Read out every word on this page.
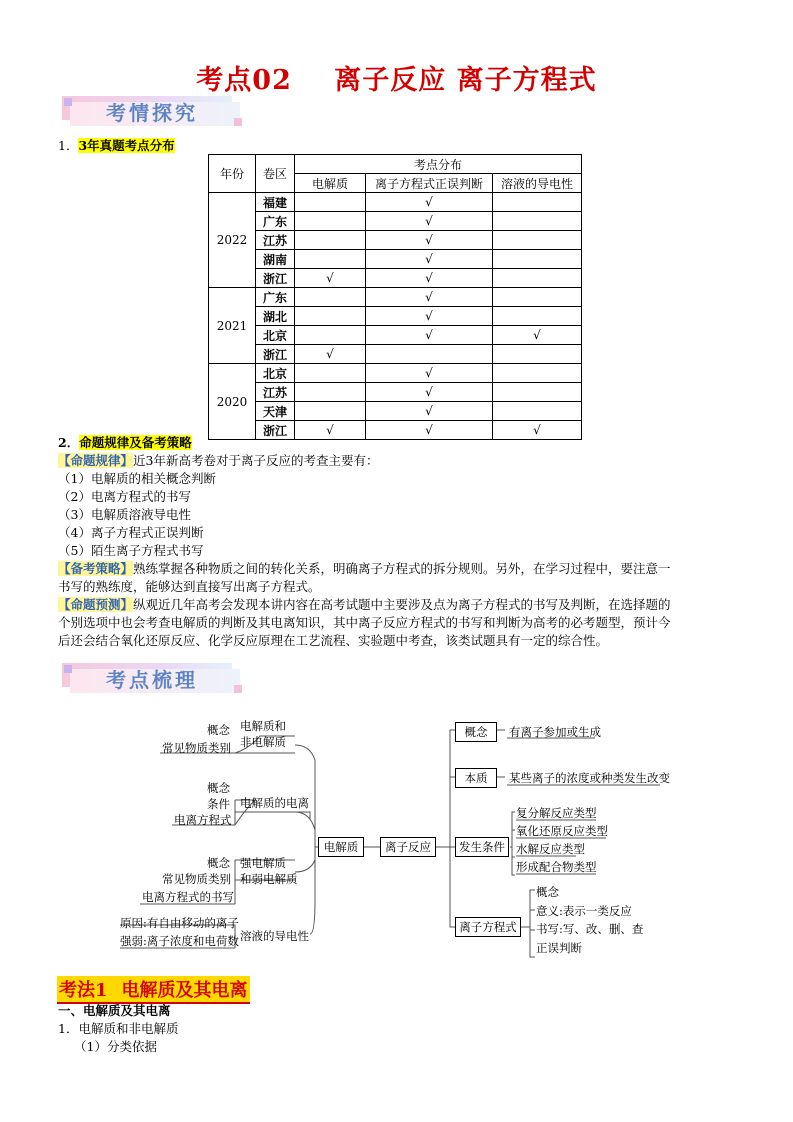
考点02 离子反应 离子方程式
考情探究
1．3年真题考点分布
年份	卷区	考点分布		
		电解质	离子方程式正误判断	溶液的导电性
2022	福建		√	
	广东		√	
	江苏		√	
	湖南		√	
	浙江	√	√	
2021	广东		√	
	湖北		√	
	北京		√	√
	浙江	√		
2020	北京		√	
	江苏		√	
	天津		√	
	浙江	√	√	√
2．命题规律及备考策略
【命题规律】近3年新高考卷对于离子反应的考查主要有：
（1）电解质的相关概念判断
（2）电离方程式的书写
（3）电解质溶液导电性
（4）离子方程式正误判断
（5）陌生离子方程式书写
【备考策略】熟练掌握各种物质之间的转化关系，明确离子方程式的拆分规则。另外，在学习过程中，要注意一
书写的熟练度，能够达到直接写出离子方程式。
【命题预测】纵观近几年高考会发现本讲内容在高考试题中主要涉及点为离子方程式的书写及判断，在选择题的
个别选项中也会考查电解质的判断及其电离知识，其中离子反应方程式的书写和判断为高考的必考题型，预计今
后还会结合氧化还原反应、化学反应原理在工艺流程、实验题中考查，该类试题具有一定的综合性。
考点梳理
概念
常见物质类别
电解质和
非电解质
概念
条件
电离方程式
电解质的电离
概念
常见物质类别
电离方程式的书写
强电解质
和弱电解质
原因:有自由移动的离子
强弱:离子浓度和电荷数 溶液的导电性
电解质	离子反应
概念	有离子参加或生成
本质	某些离子的浓度或种类发生改变
发生条件
复分解反应类型
氧化还原反应类型
水解反应类型
形成配合物类型
离子方程式
概念
意义:表示一类反应
书写:写、改、删、查
正误判断
考法1 电解质及其电离
一、电解质及其电离
1．电解质和非电解质
（1）分类依据
